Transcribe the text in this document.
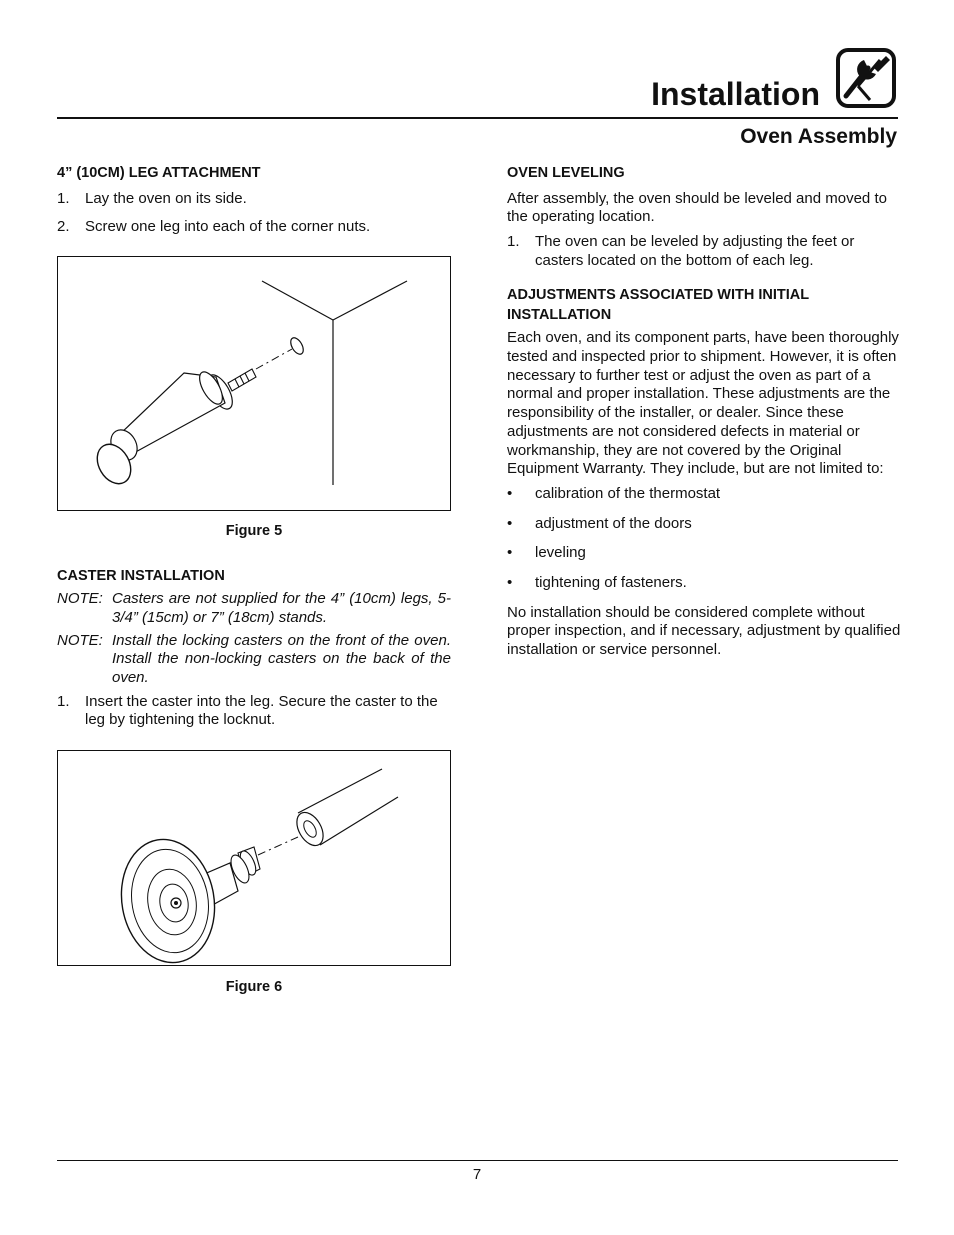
Installation
Oven Assembly
4” (10CM) LEG ATTACHMENT
1. Lay the oven on its side.
2. Screw one leg into each of the corner nuts.
Figure 5
CASTER INSTALLATION
NOTE: Casters are not supplied for the 4” (10cm) legs, 5-3/4” (15cm) or 7” (18cm) stands.
NOTE: Install the locking casters on the front of the oven. Install the non-locking casters on the back of the oven.
1. Insert the caster into the leg. Secure the caster to the leg by tightening the locknut.
Figure 6
OVEN LEVELING

After assembly, the oven should be leveled and moved to the operating location.

1. The oven can be leveled by adjusting the feet or casters located on the bottom of each leg.
ADJUSTMENTS ASSOCIATED WITH INITIAL INSTALLATION

Each oven, and its component parts, have been thoroughly tested and inspected prior to shipment. However, it is often necessary to further test or adjust the oven as part of a normal and proper installation. These adjustments are the responsibility of the installer, or dealer. Since these adjustments are not considered defects in material or workmanship, they are not covered by the Original Equipment Warranty. They include, but are not limited to:

• calibration of the thermostat
• adjustment of the doors
• leveling
• tightening of fasteners.

No installation should be considered complete without proper inspection, and if necessary, adjustment by qualified installation or service personnel.

7
